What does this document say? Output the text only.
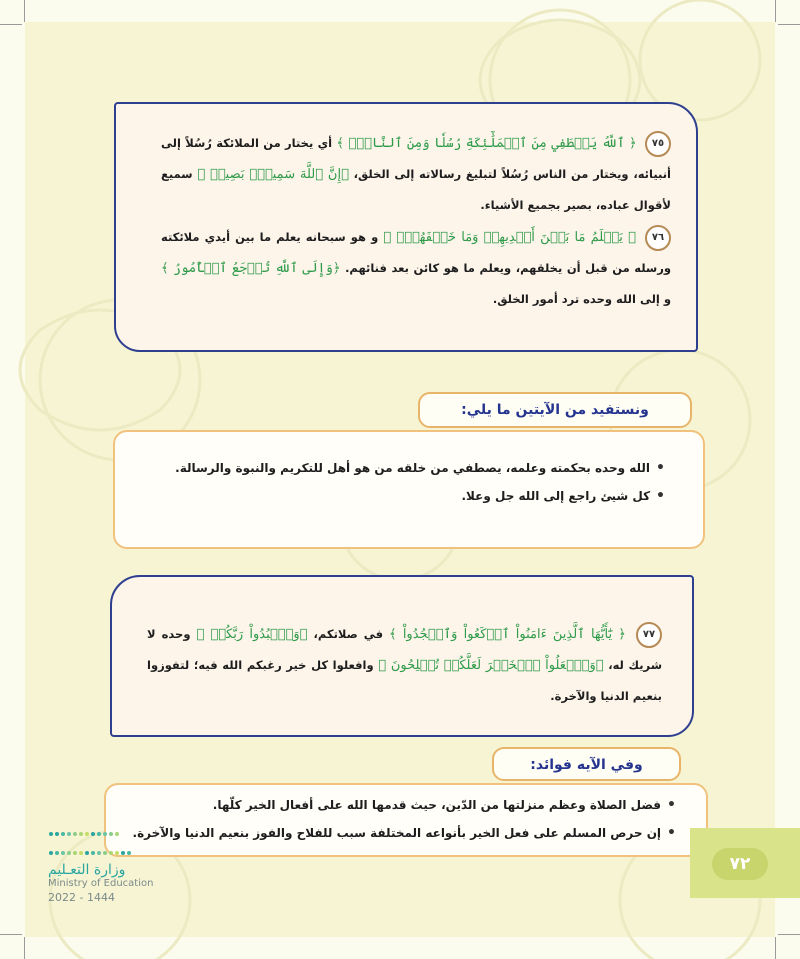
٧٥ ﴿ ٱللَّهُ يَصۡطَفِي مِنَ ٱلۡمَلَٰٓئِكَةِ رُسُلٗا وَمِنَ ٱلنَّاسِۚ ﴾ أي يختار من الملائكة رُسُلاً إلى أنبيائه، ويختار من الناس رُسُلاً لتبليغ رسالاته إلى الخلق، ﴿إِنَّ ٱللَّهَ سَمِيعُۢ بَصِيرٞ ﴾ سميع لأقوال عباده، بصير بجميع الأشياء.
٧٦ ﴿ يَعۡلَمُ مَا بَيۡنَ أَيۡدِيهِمۡ وَمَا خَلۡفَهُمۡۚ ﴾ و هو سبحانه يعلم ما بين أيدي ملائكته ورسله من قبل أن يخلقهم، ويعلم ما هو كائن بعد فنائهم. ﴿وَإِلَى ٱللَّهِ تُرۡجَعُ ٱلۡأُمُورُ ﴾ و إلى الله وحده ترد أمور الخلق.
• الله وحده بحكمته وعلمه، يصطفي من خلقه من هو أهل للتكريم والنبوة والرسالة.
• كل شيئ راجع إلى الله جل وعلا.
ونستفيد من الآيتين ما يلي:
٧٧ ﴿ يَٰٓأَيُّهَا ٱلَّذِينَ ءَامَنُواْ ٱرۡكَعُواْ وَٱسۡجُدُواْ ﴾ في صلاتكم، ﴿وَٱعۡبُدُواْ رَبَّكُمۡ ﴾ وحده لا شريك له، ﴿وَٱفۡعَلُواْ ٱلۡخَيۡرَ لَعَلَّكُمۡ تُفۡلِحُونَ ﴾ وافعلوا كل خير رغبكم الله فيه؛ لتفوزوا بنعيم الدنيا والآخرة.
• فضل الصلاة وعظم منزلتها من الدّين، حيث قدمها الله على أفعال الخير كلّها.
• إن حرص المسلم على فعل الخير بأنواعه المختلفة سبب للفلاح والفوز بنعيم الدنيا والآخرة.
وفي الآيه فوائد:
٧٢

وزارة التعـليم
Ministry of Education
2022 - 1444
